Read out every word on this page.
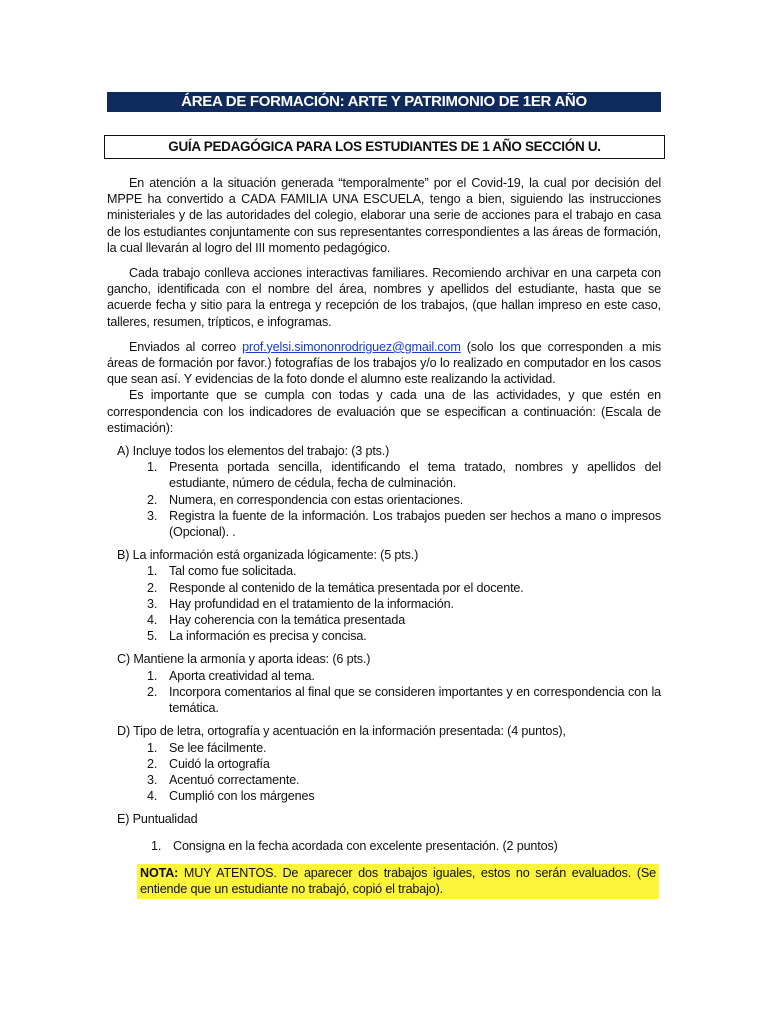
ÁREA DE FORMACIÓN: ARTE Y PATRIMONIO DE 1ER AÑO
GUÍA PEDAGÓGICA PARA LOS ESTUDIANTES DE 1 AÑO SECCIÓN U.

En atención a la situación generada “temporalmente” por el Covid-19, la cual por decisión del MPPE ha convertido a CADA FAMILIA UNA ESCUELA, tengo a bien, siguiendo las instrucciones ministeriales y de las autoridades del colegio, elaborar una serie de acciones para el trabajo en casa de los estudiantes conjuntamente con sus representantes correspondientes a las áreas de formación, la cual llevarán al logro del III momento pedagógico.

Cada trabajo conlleva acciones interactivas familiares. Recomiendo archivar en una carpeta con gancho, identificada con el nombre del área, nombres y apellidos del estudiante, hasta que se acuerde fecha y sitio para la entrega y recepción de los trabajos, (que hallan impreso en este caso, talleres, resumen, trípticos, e infogramas.

Enviados al correo prof.yelsi.simononrodriguez@gmail.com (solo los que corresponden a mis áreas de formación por favor.) fotografías de los trabajos y/o lo realizado en computador en los casos que sean así. Y evidencias de la foto donde el alumno este realizando la actividad.

Es importante que se cumpla con todas y cada una de las actividades, y que estén en correspondencia con los indicadores de evaluación que se especifican a continuación: (Escala de estimación):

A) Incluye todos los elementos del trabajo: (3 pts.)

1. Presenta portada sencilla, identificando el tema tratado, nombres y apellidos del estudiante, número de cédula, fecha de culminación.
2. Numera, en correspondencia con estas orientaciones.
3. Registra la fuente de la información. Los trabajos pueden ser hechos a mano o impresos (Opcional). .

B) La información está organizada lógicamente: (5 pts.)

1. Tal como fue solicitada.
2. Responde al contenido de la temática presentada por el docente.
3. Hay profundidad en el tratamiento de la información.
4. Hay coherencia con la temática presentada
5. La información es precisa y concisa.

C) Mantiene la armonía y aporta ideas: (6 pts.)

1. Aporta creatividad al tema.
2. Incorpora comentarios al final que se consideren importantes y en correspondencia con la temática.

D) Tipo de letra, ortografía y acentuación en la información presentada: (4 puntos),

1. Se lee fácilmente.
2. Cuidó la ortografía
3. Acentuó correctamente.
4. Cumplió con los márgenes

E) Puntualidad

1. Consigna en la fecha acordada con excelente presentación. (2 puntos)
NOTA: MUY ATENTOS. De aparecer dos trabajos iguales, estos no serán evaluados. (Se entiende que un estudiante no trabajó, copió el trabajo).
